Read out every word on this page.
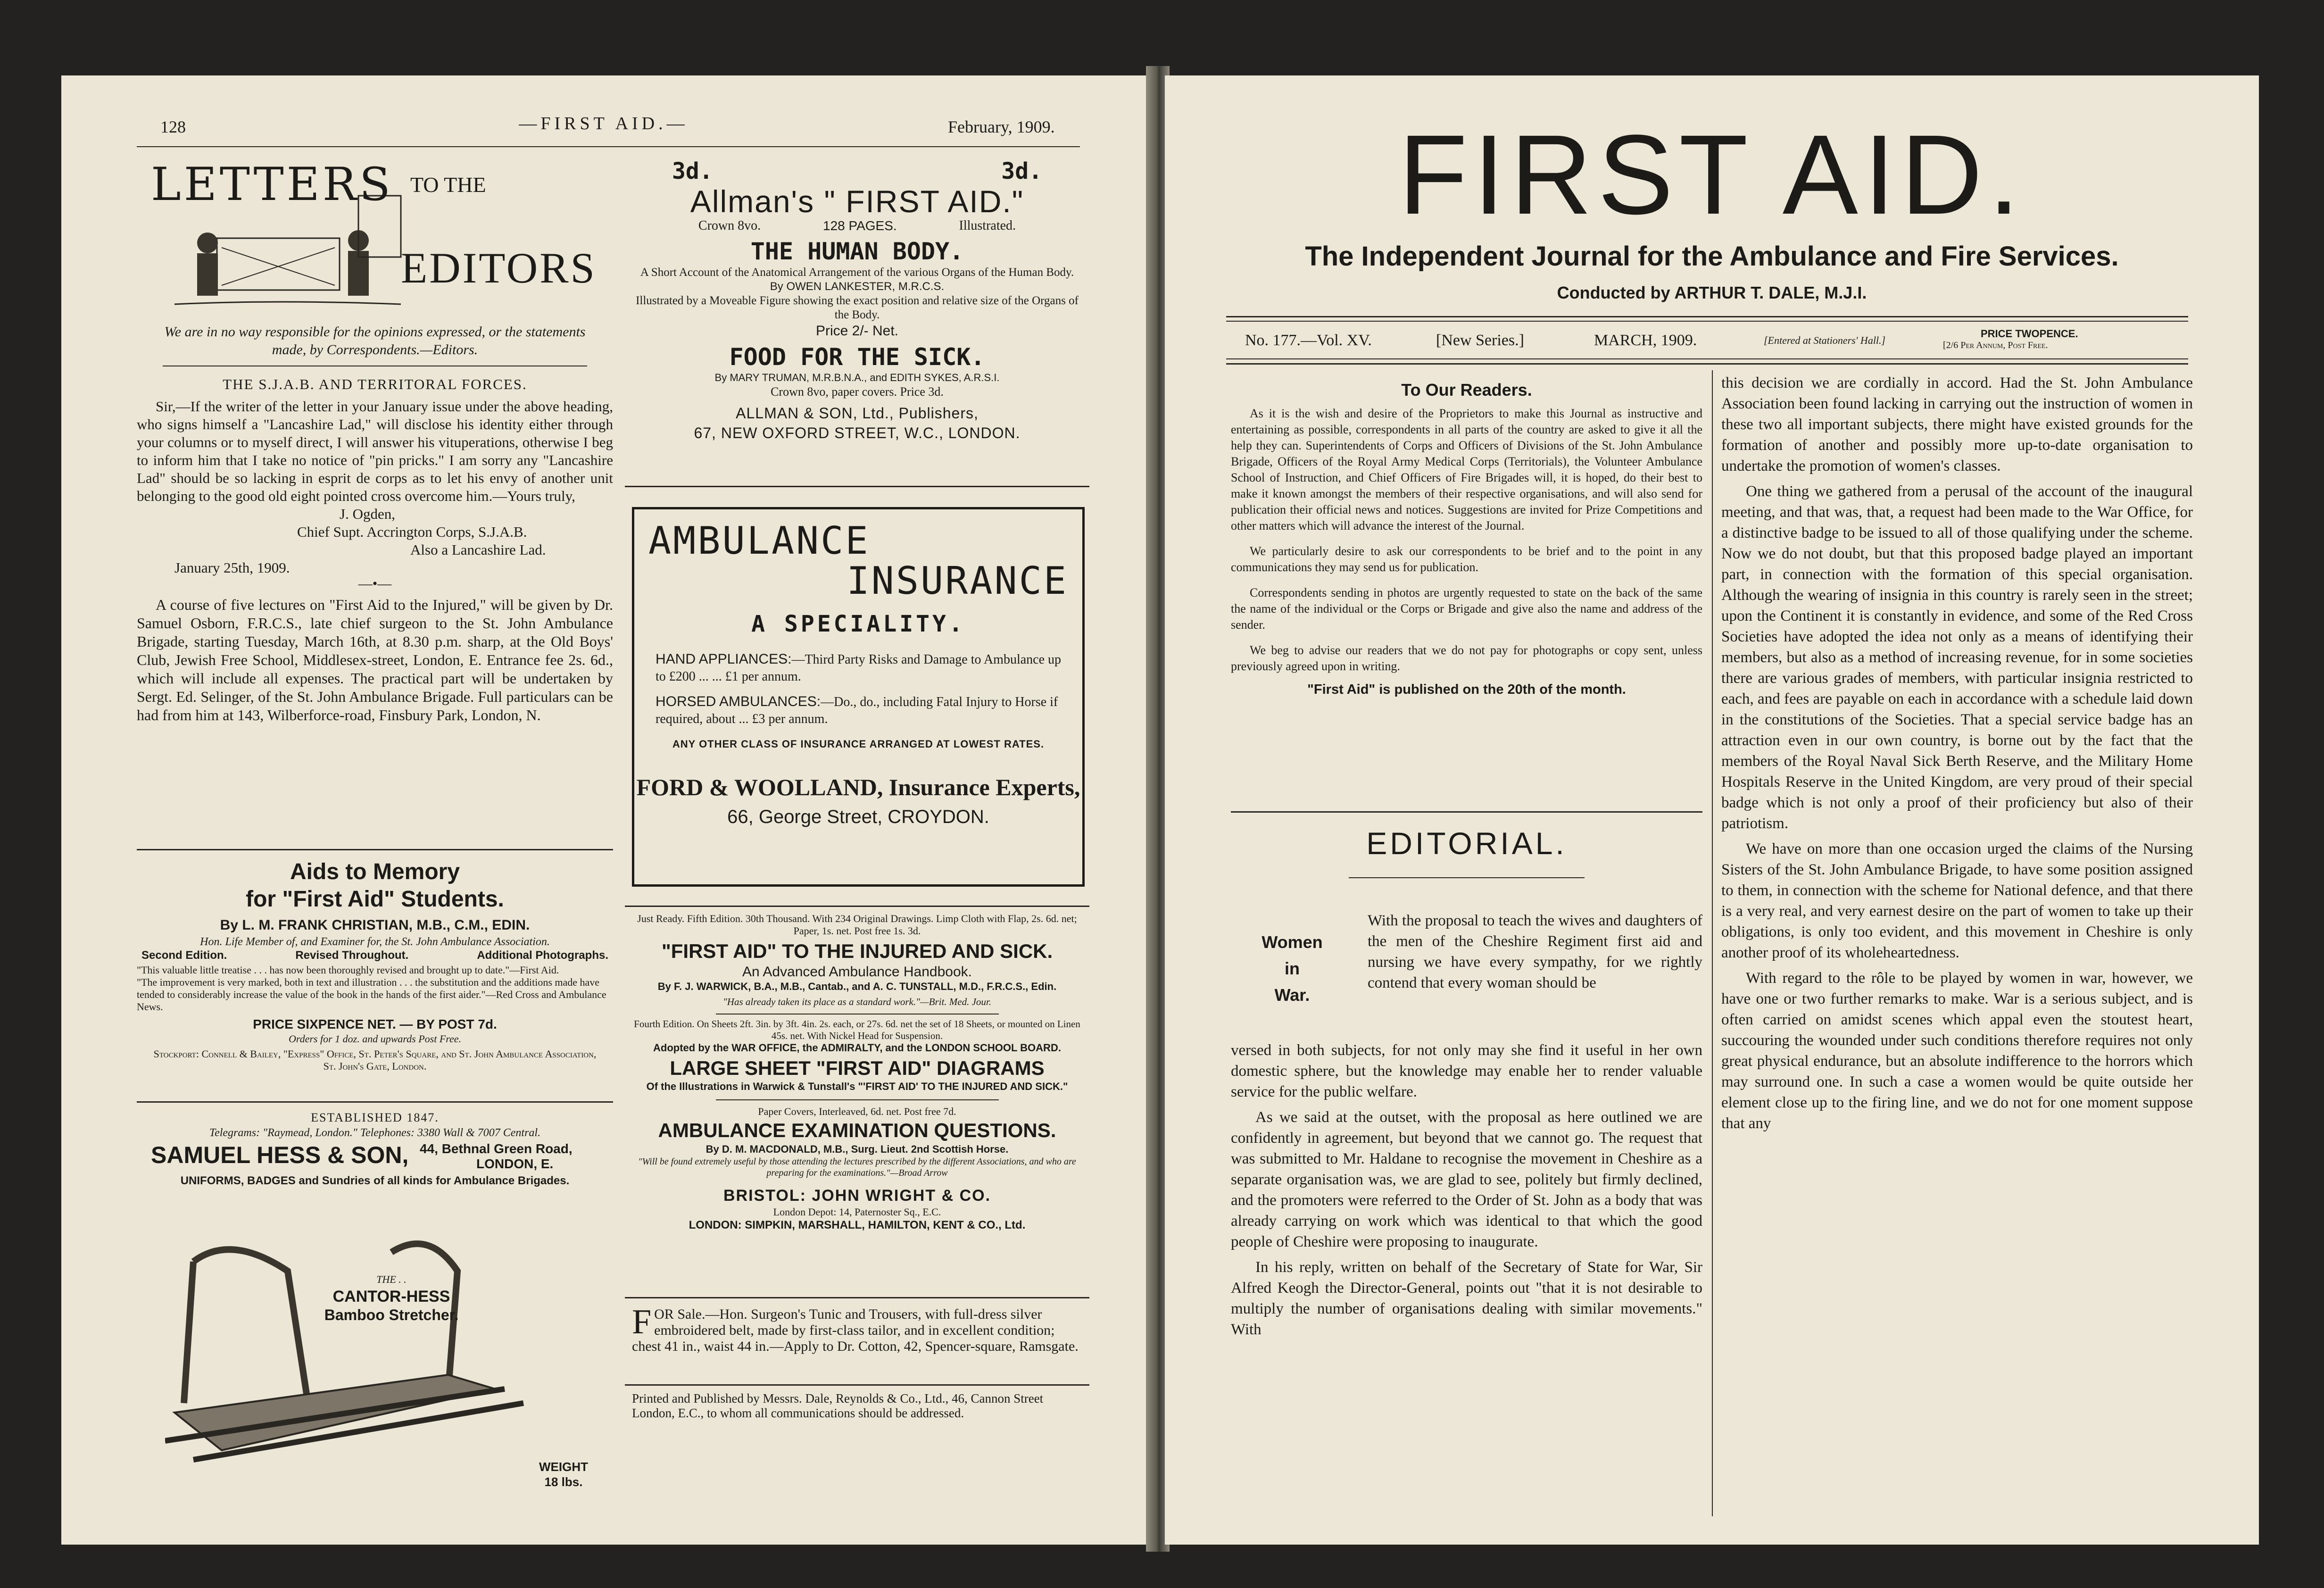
128	—FIRST AID.—	February, 1909.
LETTERS TO THE
EDITORS
We are in no way responsible for the opinions expressed, or the statements made, by Correspondents.—Editors.
THE S.J.A.B. AND TERRITORAL FORCES.
Sir,—If the writer of the letter in your January issue under the above heading, who signs himself a "Lancashire Lad," will disclose his identity either through your columns or to myself direct, I will answer his vituperations, otherwise I beg to inform him that I take no notice of "pin pricks." I am sorry any "Lancashire Lad" should be so lacking in esprit de corps as to let his envy of another unit belonging to the good old eight pointed cross overcome him.—Yours truly,
J. Ogden,
Chief Supt. Accrington Corps, S.J.A.B.
Also a Lancashire Lad.
January 25th, 1909.
—•—
A course of five lectures on "First Aid to the Injured," will be given by Dr. Samuel Osborn, F.R.C.S., late chief surgeon to the St. John Ambulance Brigade, starting Tuesday, March 16th, at 8.30 p.m. sharp, at the Old Boys' Club, Jewish Free School, Middlesex-street, London, E. Entrance fee 2s. 6d., which will include all expenses. The practical part will be undertaken by Sergt. Ed. Selinger, of the St. John Ambulance Brigade. Full particulars can be had from him at 143, Wilberforce-road, Finsbury Park, London, N.
Aids to Memory
for "First Aid" Students.
By L. M. FRANK CHRISTIAN, M.B., C.M., EDIN.
Hon. Life Member of, and Examiner for, the St. John Ambulance Association.
Second Edition.	Revised Throughout.	Additional Photographs.
"This valuable little treatise . . . has now been thoroughly revised and brought up to date."—First Aid.
"The improvement is very marked, both in text and illustration . . . the substitution and the additions made have tended to considerably increase the value of the book in the hands of the first aider."—Red Cross and Ambulance News.
PRICE SIXPENCE NET. — BY POST 7d.
Orders for 1 doz. and upwards Post Free.
Stockport: Connell & Bailey, "Express" Office, St. Peter's Square, and St. John Ambulance Association, St. John's Gate, London.
ESTABLISHED 1847.
Telegrams: "Raymead, London." Telephones: 3380 Wall & 7007 Central.
SAMUEL HESS & SON, 44, Bethnal Green Road,
LONDON, E.
UNIFORMS, BADGES and Sundries of all kinds for Ambulance Brigades.
THE . .
CANTOR-HESS
Bamboo Stretcher.
WEIGHT
18 lbs.
3d.	3d.
Allman's " FIRST AID."
Crown 8vo.	128 PAGES.	Illustrated.
THE HUMAN BODY.
A Short Account of the Anatomical Arrangement of the various Organs of the Human Body.
By OWEN LANKESTER, M.R.C.S.
Illustrated by a Moveable Figure showing the exact position and relative size of the Organs of the Body.
Price 2/- Net.
FOOD FOR THE SICK.
By MARY TRUMAN, M.R.B.N.A., and EDITH SYKES, A.R.S.I.
Crown 8vo, paper covers. Price 3d.
ALLMAN & SON, Ltd., Publishers,
67, NEW OXFORD STREET, W.C., LONDON.
AMBULANCE
INSURANCE
A SPECIALITY.
HAND APPLIANCES:—Third Party Risks and Damage to Ambulance up to £200 ... ... £1 per annum.
HORSED AMBULANCES:—Do., do., including Fatal Injury to Horse if required, about ... £3 per annum.
ANY OTHER CLASS OF INSURANCE ARRANGED AT LOWEST RATES.
FORD & WOOLLAND, Insurance Experts,
66, George Street, CROYDON.
Just Ready. Fifth Edition. 30th Thousand. With 234 Original Drawings. Limp Cloth with Flap, 2s. 6d. net; Paper, 1s. net. Post free 1s. 3d.
"FIRST AID" TO THE INJURED AND SICK.
An Advanced Ambulance Handbook.
By F. J. WARWICK, B.A., M.B., Cantab., and A. C. TUNSTALL, M.D., F.R.C.S., Edin.
"Has already taken its place as a standard work."—Brit. Med. Jour.
Fourth Edition. On Sheets 2ft. 3in. by 3ft. 4in. 2s. each, or 27s. 6d. net the set of 18 Sheets, or mounted on Linen 45s. net. With Nickel Head for Suspension.
Adopted by the WAR OFFICE, the ADMIRALTY, and the LONDON SCHOOL BOARD.
LARGE SHEET "FIRST AID" DIAGRAMS
Of the Illustrations in Warwick & Tunstall's "'FIRST AID' TO THE INJURED AND SICK."
Paper Covers, Interleaved, 6d. net. Post free 7d.
AMBULANCE EXAMINATION QUESTIONS.
By D. M. MACDONALD, M.B., Surg. Lieut. 2nd Scottish Horse.
"Will be found extremely useful by those attending the lectures prescribed by the different Associations, and who are preparing for the examinations."—Broad Arrow
BRISTOL: JOHN WRIGHT & CO.
London Depot: 14, Paternoster Sq., E.C.
LONDON: SIMPKIN, MARSHALL, HAMILTON, KENT & CO., Ltd.
FOR Sale.—Hon. Surgeon's Tunic and Trousers, with full-dress silver embroidered belt, made by first-class tailor, and in excellent condition; chest 41 in., waist 44 in.—Apply to Dr. Cotton, 42, Spencer-square, Ramsgate.
Printed and Published by Messrs. Dale, Reynolds & Co., Ltd., 46, Cannon Street London, E.C., to whom all communications should be addressed.
FIRST AID.
The Independent Journal for the Ambulance and Fire Services.
Conducted by ARTHUR T. DALE, M.J.I.
No. 177.—Vol. XV.	[New Series.]	MARCH, 1909.	[Entered at Stationers' Hall.]
PRICE TWOPENCE.
[2/6 Per Annum, Post Free.
To Our Readers.
As it is the wish and desire of the Proprietors to make this Journal as instructive and entertaining as possible, correspondents in all parts of the country are asked to give it all the help they can. Superintendents of Corps and Officers of Divisions of the St. John Ambulance Brigade, Officers of the Royal Army Medical Corps (Territorials), the Volunteer Ambulance School of Instruction, and Chief Officers of Fire Brigades will, it is hoped, do their best to make it known amongst the members of their respective organisations, and will also send for publication their official news and notices. Suggestions are invited for Prize Competitions and other matters which will advance the interest of the Journal.
We particularly desire to ask our correspondents to be brief and to the point in any communications they may send us for publication.
Correspondents sending in photos are urgently requested to state on the back of the same the name of the individual or the Corps or Brigade and give also the name and address of the sender.
We beg to advise our readers that we do not pay for photographs or copy sent, unless previously agreed upon in writing.
"First Aid" is published on the 20th of the month.
EDITORIAL.
Women
in
War.
With the proposal to teach the wives and daughters of the men of the Cheshire Regiment first aid and nursing we have every sympathy, for we rightly contend that every woman should be

versed in both subjects, for not only may she find it useful in her own domestic sphere, but the knowledge may enable her to render valuable service for the public welfare.

As we said at the outset, with the proposal as here outlined we are confidently in agreement, but beyond that we cannot go. The request that was submitted to Mr. Haldane to recognise the movement in Cheshire as a separate organisation was, we are glad to see, politely but firmly declined, and the promoters were referred to the Order of St. John as a body that was already carrying on work which was identical to that which the good people of Cheshire were proposing to inaugurate.

In his reply, written on behalf of the Secretary of State for War, Sir Alfred Keogh the Director-General, points out "that it is not desirable to multiply the number of organisations dealing with similar movements." With

this decision we are cordially in accord. Had the St. John Ambulance Association been found lacking in carrying out the instruction of women in these two all important subjects, there might have existed grounds for the formation of another and possibly more up-to-date organisation to undertake the promotion of women's classes.

One thing we gathered from a perusal of the account of the inaugural meeting, and that was, that, a request had been made to the War Office, for a distinctive badge to be issued to all of those qualifying under the scheme. Now we do not doubt, but that this proposed badge played an important part, in connection with the formation of this special organisation. Although the wearing of insignia in this country is rarely seen in the street; upon the Continent it is constantly in evidence, and some of the Red Cross Societies have adopted the idea not only as a means of identifying their members, but also as a method of increasing revenue, for in some societies there are various grades of members, with particular insignia restricted to each, and fees are payable on each in accordance with a schedule laid down in the constitutions of the Societies. That a special service badge has an attraction even in our own country, is borne out by the fact that the members of the Royal Naval Sick Berth Reserve, and the Military Home Hospitals Reserve in the United Kingdom, are very proud of their special badge which is not only a proof of their proficiency but also of their patriotism.

We have on more than one occasion urged the claims of the Nursing Sisters of the St. John Ambulance Brigade, to have some position assigned to them, in connection with the scheme for National defence, and that there is a very real, and very earnest desire on the part of women to take up their obligations, is only too evident, and this movement in Cheshire is only another proof of its wholeheartedness.

With regard to the rôle to be played by women in war, however, we have one or two further remarks to make. War is a serious subject, and is often carried on amidst scenes which appal even the stoutest heart, succouring the wounded under such conditions therefore requires not only great physical endurance, but an absolute indifference to the horrors which may surround one. In such a case a women would be quite outside her element close up to the firing line, and we do not for one moment suppose that any
